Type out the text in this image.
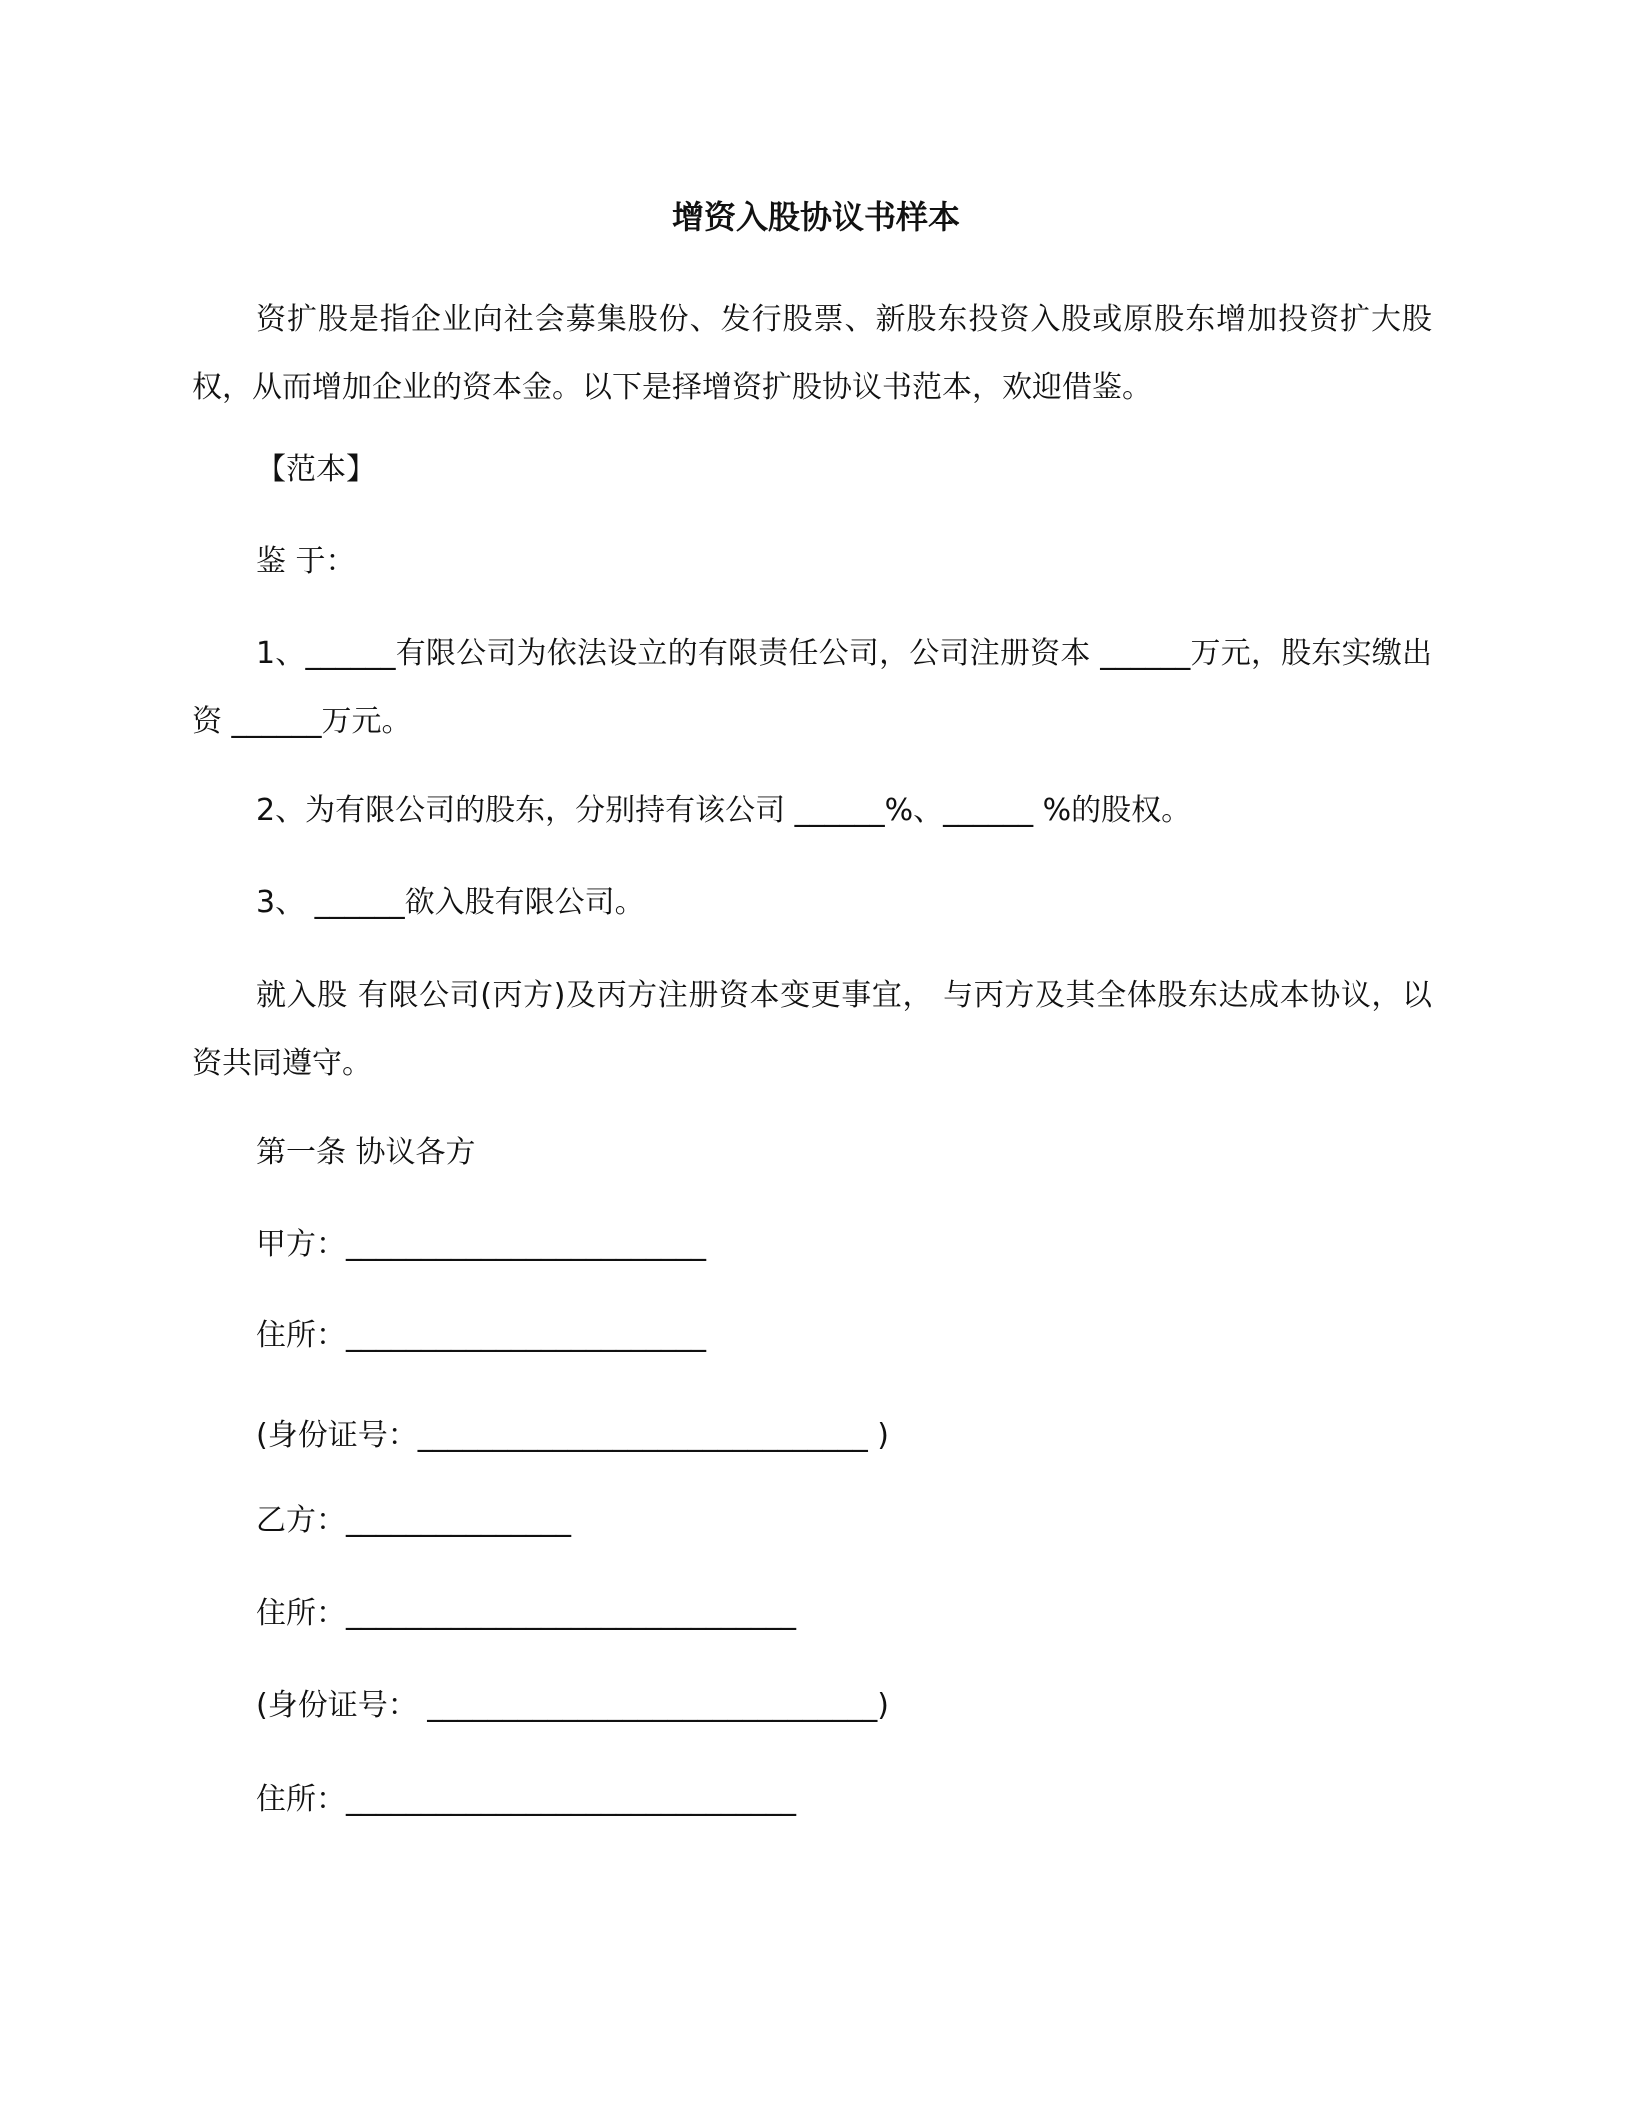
增资入股协议书样本
资扩股是指企业向社会募集股份、发行股票、新股东投资入股或原股东增加投资扩大股权，从而增加企业的资本金。以下是择增资扩股协议书范本，欢迎借鉴。
【范本】
鉴 于：
1、______有限公司为依法设立的有限责任公司，公司注册资本 ______万元，股东实缴出资 ______万元。
2、为有限公司的股东，分别持有该公司 ______%、______ %的股权。
3、 ______欲入股有限公司。
就入股 有限公司(丙方)及丙方注册资本变更事宜， 与丙方及其全体股东达成本协议，以资共同遵守。
第一条 协议各方
甲方：________________________
住所：________________________
(身份证号：______________________________ )
乙方：_______________
住所：______________________________
(身份证号： ______________________________)
住所：______________________________
